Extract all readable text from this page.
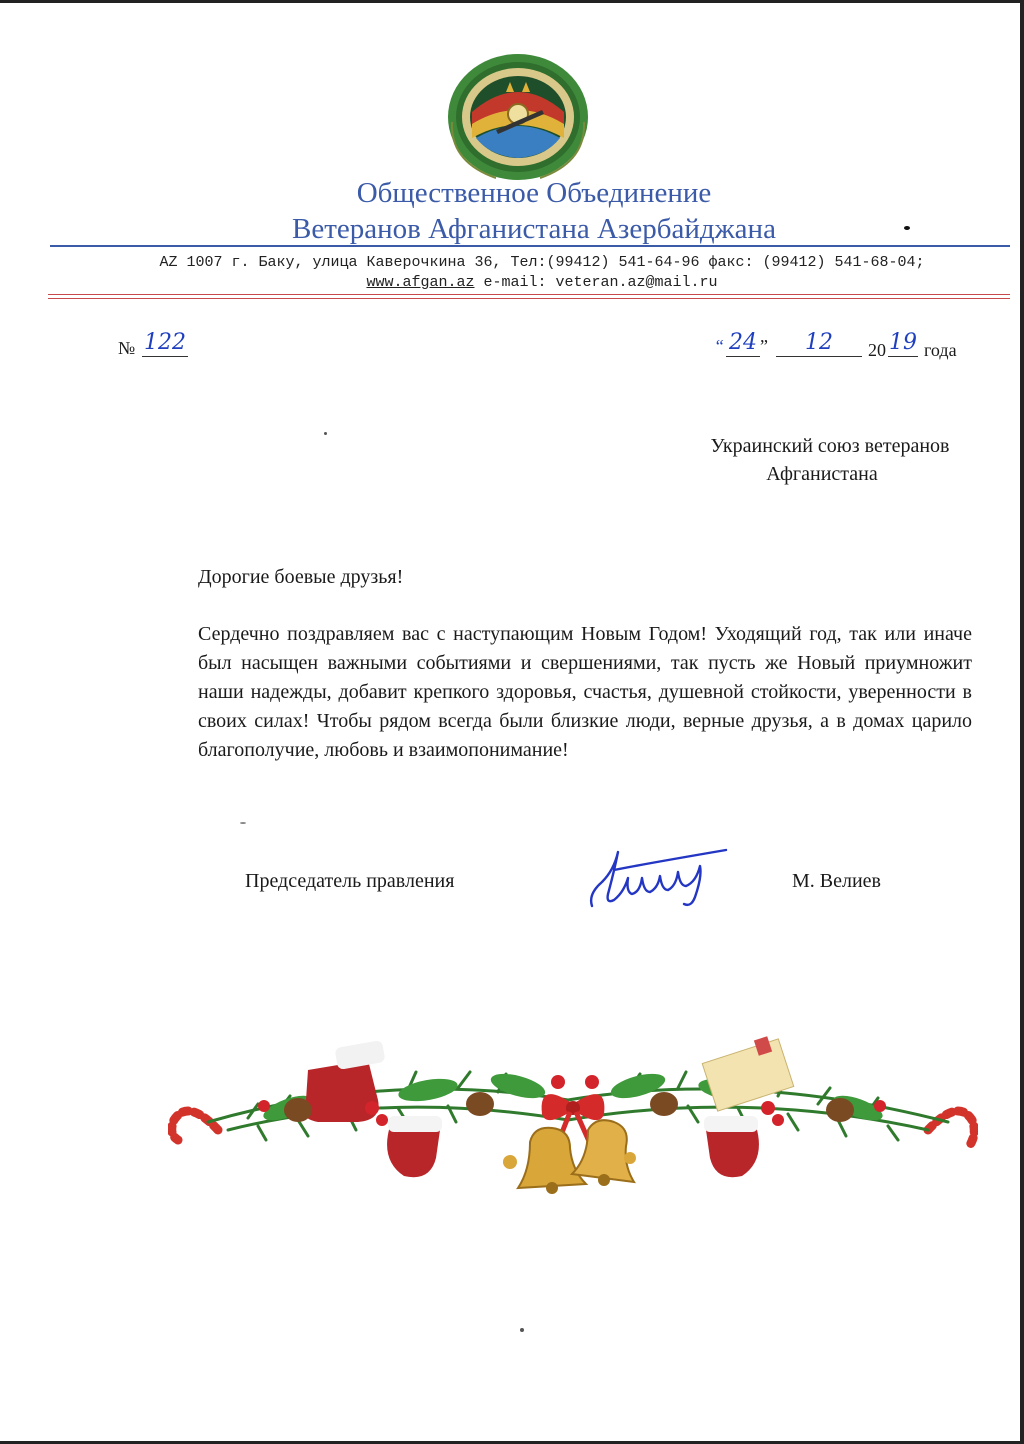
Общественное Объединение
Ветеранов Афганистана Азербайджана
AZ 1007 г. Баку, улица Каверочкина 36, Тел:(99412) 541-64-96 факс: (99412) 541-68-04;
www.afgan.az e-mail: veteran.az@mail.ru
№ 122	“ 24 ”	12	20 19 года
Украинский союз ветеранов
Афганистана
Дорогие боевые друзья!
Сердечно поздравляем вас с наступающим Новым Годом! Уходящий год, так или иначе был насыщен важными событиями и свершениями, так пусть же Новый приумножит наши надежды, добавит крепкого здоровья, счастья, душевной стойкости, уверенности в своих силах! Чтобы рядом всегда были близкие люди, верные друзья, а в домах царило благополучие, любовь и взаимопонимание!
Председатель правления	М. Велиев
